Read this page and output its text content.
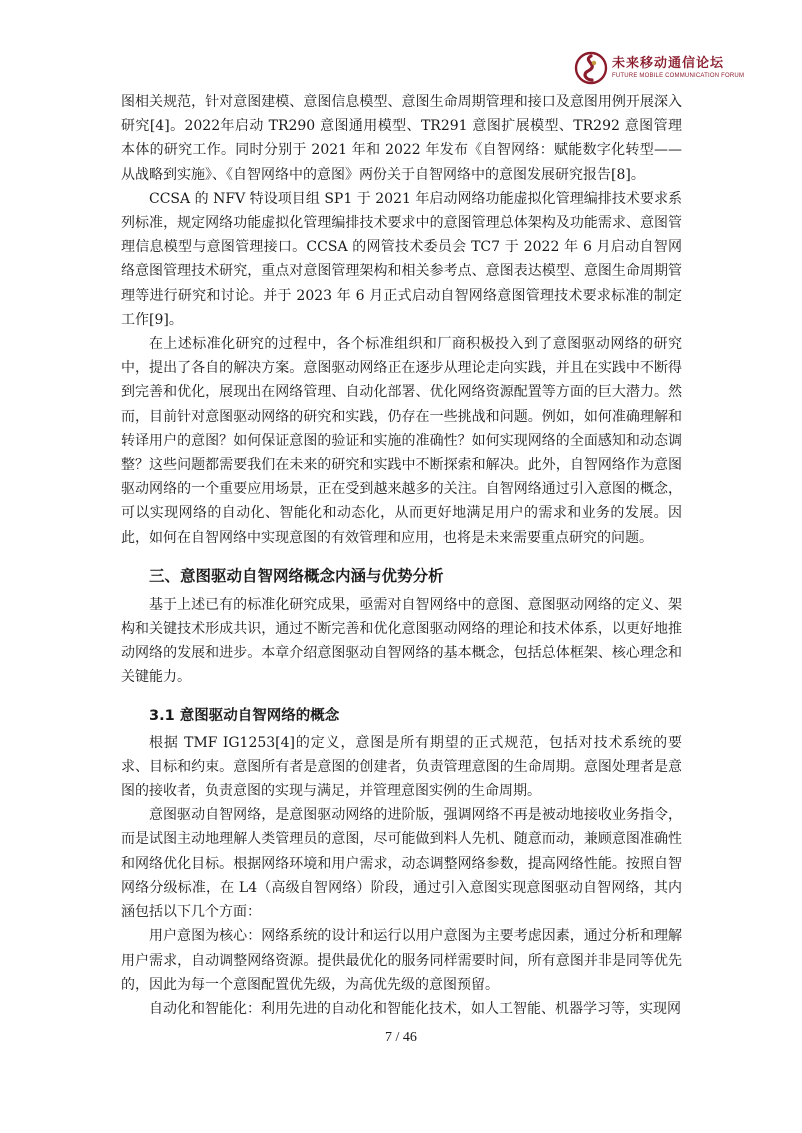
未来移动通信论坛
FUTURE MOBILE COMMUNICATION FORUM

图相关规范，针对意图建模、意图信息模型、意图生命周期管理和接口及意图用例开展深入研究[4]。2022年启动 TR290 意图通用模型、TR291 意图扩展模型、TR292 意图管理本体的研究工作。同时分别于 2021 年和 2022 年发布《自智网络：赋能数字化转型——从战略到实施》、《自智网络中的意图》两份关于自智网络中的意图发展研究报告[8]。

CCSA 的 NFV 特设项目组 SP1 于 2021 年启动网络功能虚拟化管理编排技术要求系列标准，规定网络功能虚拟化管理编排技术要求中的意图管理总体架构及功能需求、意图管理信息模型与意图管理接口。CCSA 的网管技术委员会 TC7 于 2022 年 6 月启动自智网络意图管理技术研究，重点对意图管理架构和相关参考点、意图表达模型、意图生命周期管理等进行研究和讨论。并于 2023 年 6 月正式启动自智网络意图管理技术要求标准的制定工作[9]。

在上述标准化研究的过程中，各个标准组织和厂商积极投入到了意图驱动网络的研究中，提出了各自的解决方案。意图驱动网络正在逐步从理论走向实践，并且在实践中不断得到完善和优化，展现出在网络管理、自动化部署、优化网络资源配置等方面的巨大潜力。然而，目前针对意图驱动网络的研究和实践，仍存在一些挑战和问题。例如，如何准确理解和转译用户的意图？如何保证意图的验证和实施的准确性？如何实现网络的全面感知和动态调整？这些问题都需要我们在未来的研究和实践中不断探索和解决。此外，自智网络作为意图驱动网络的一个重要应用场景，正在受到越来越多的关注。自智网络通过引入意图的概念，可以实现网络的自动化、智能化和动态化，从而更好地满足用户的需求和业务的发展。因此，如何在自智网络中实现意图的有效管理和应用，也将是未来需要重点研究的问题。

三、意图驱动自智网络概念内涵与优势分析

基于上述已有的标准化研究成果，亟需对自智网络中的意图、意图驱动网络的定义、架构和关键技术形成共识，通过不断完善和优化意图驱动网络的理论和技术体系，以更好地推动网络的发展和进步。本章介绍意图驱动自智网络的基本概念，包括总体框架、核心理念和关键能力。

3.1 意图驱动自智网络的概念

根据 TMF IG1253[4]的定义，意图是所有期望的正式规范，包括对技术系统的要求、目标和约束。意图所有者是意图的创建者，负责管理意图的生命周期。意图处理者是意图的接收者，负责意图的实现与满足，并管理意图实例的生命周期。

意图驱动自智网络，是意图驱动网络的进阶版，强调网络不再是被动地接收业务指令，而是试图主动地理解人类管理员的意图，尽可能做到料人先机、随意而动，兼顾意图准确性和网络优化目标。根据网络环境和用户需求，动态调整网络参数，提高网络性能。按照自智网络分级标准，在 L4（高级自智网络）阶段，通过引入意图实现意图驱动自智网络，其内涵包括以下几个方面：

用户意图为核心：网络系统的设计和运行以用户意图为主要考虑因素，通过分析和理解用户需求，自动调整网络资源。提供最优化的服务同样需要时间，所有意图并非是同等优先的，因此为每一个意图配置优先级，为高优先级的意图预留。

自动化和智能化：利用先进的自动化和智能化技术，如人工智能、机器学习等，实现网

7 / 46
